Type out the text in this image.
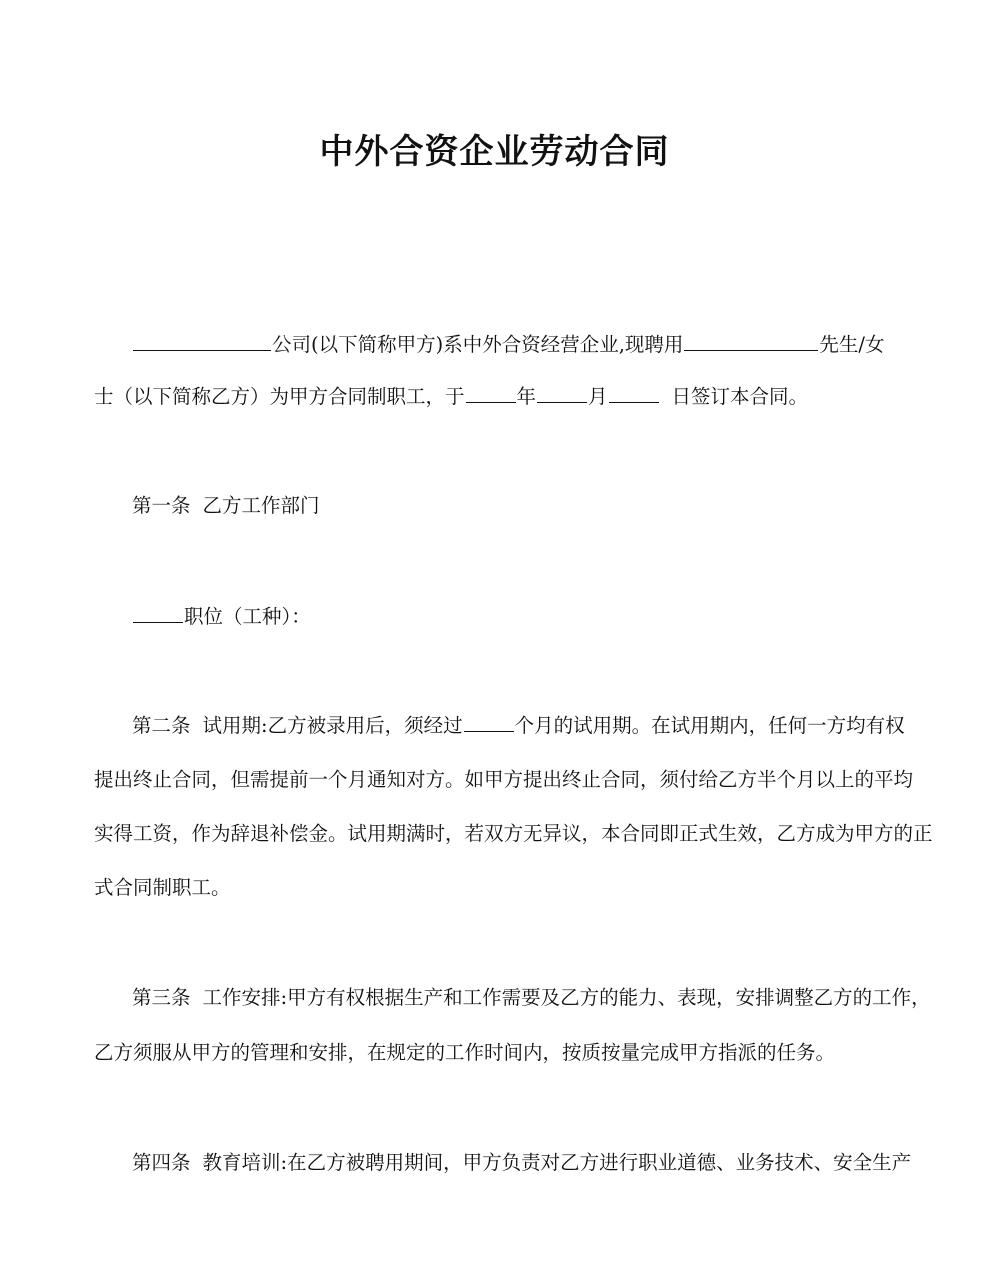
中外合资企业劳动合同
公司(以下简称甲方)系中外合资经营企业,现聘用	先生/女
士（以下简称乙方）为甲方合同制职工，于	年	月	日签订本合同。
第一条 乙方工作部门
职位（工种）：
第二条 试用期:乙方被录用后，须经过	个月的试用期。在试用期内，任何一方均有权
提出终止合同，但需提前一个月通知对方。如甲方提出终止合同，须付给乙方半个月以上的平均
实得工资，作为辞退补偿金。试用期满时，若双方无异议，本合同即正式生效，乙方成为甲方的正
式合同制职工。
第三条 工作安排:甲方有权根据生产和工作需要及乙方的能力、表现，安排调整乙方的工作，
乙方须服从甲方的管理和安排，在规定的工作时间内，按质按量完成甲方指派的任务。
第四条 教育培训:在乙方被聘用期间，甲方负责对乙方进行职业道德、业务技术、安全生产
